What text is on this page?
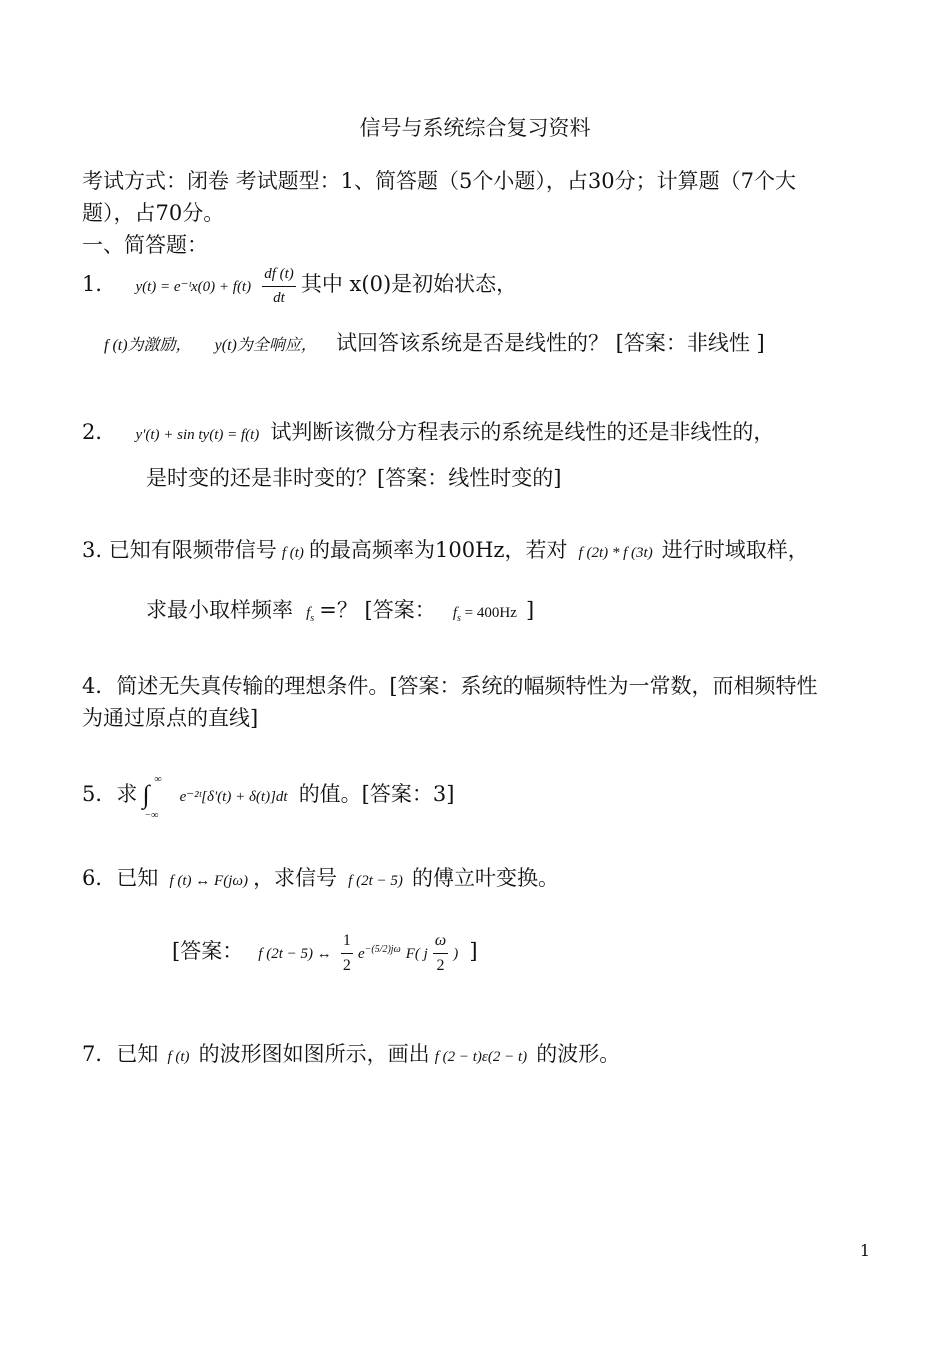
信号与系统综合复习资料
考试方式：闭卷 考试题型：1、简答题（5个小题），占30分；计算题（7个大
题），占70分。
一、简答题：
1． y(t) = e⁻ᵗx(0) + $f(t) \frac{df (t)}{dt}$ 其中 x(0)是初始状态，
f (t)为激励， y(t)为全响应， 试回答该系统是否是线性的？ [答案：非线性 ]
2． y'(t) + sin ty(t) = f(t) 试判断该微分方程表示的系统是线性的还是非线性的，
是时变的还是非时变的？[答案：线性时变的]
3. 已知有限频带信号 f (t) 的最高频率为100Hz，若对 f (2t) * f (3t) 进行时域取样，
求最小取样频率 $f_s$ =？ [答案： $f_s = 400Hz$ ]
4．简述无失真传输的理想条件。[答案：系统的幅频特性为一常数，而相频特性
为通过原点的直线]
5．求 ∫
∞
−∞
e⁻²ᵗ[δ'(t) + δ(t)]dt 的值。[答案：3]
6．已知 f (t) ↔ F(jω) ，求信号 f (2t − 5) 的傅立叶变换。
[答案： f (2t − 5) ↔ $\frac{1}{2} e^{-(5/2)j\omega}$ F( j $\frac{\omega}{2}$ ) ]
7．已知 f (t) 的波形图如图所示，画出 f (2 − t)ε(2 − t) 的波形。
1
